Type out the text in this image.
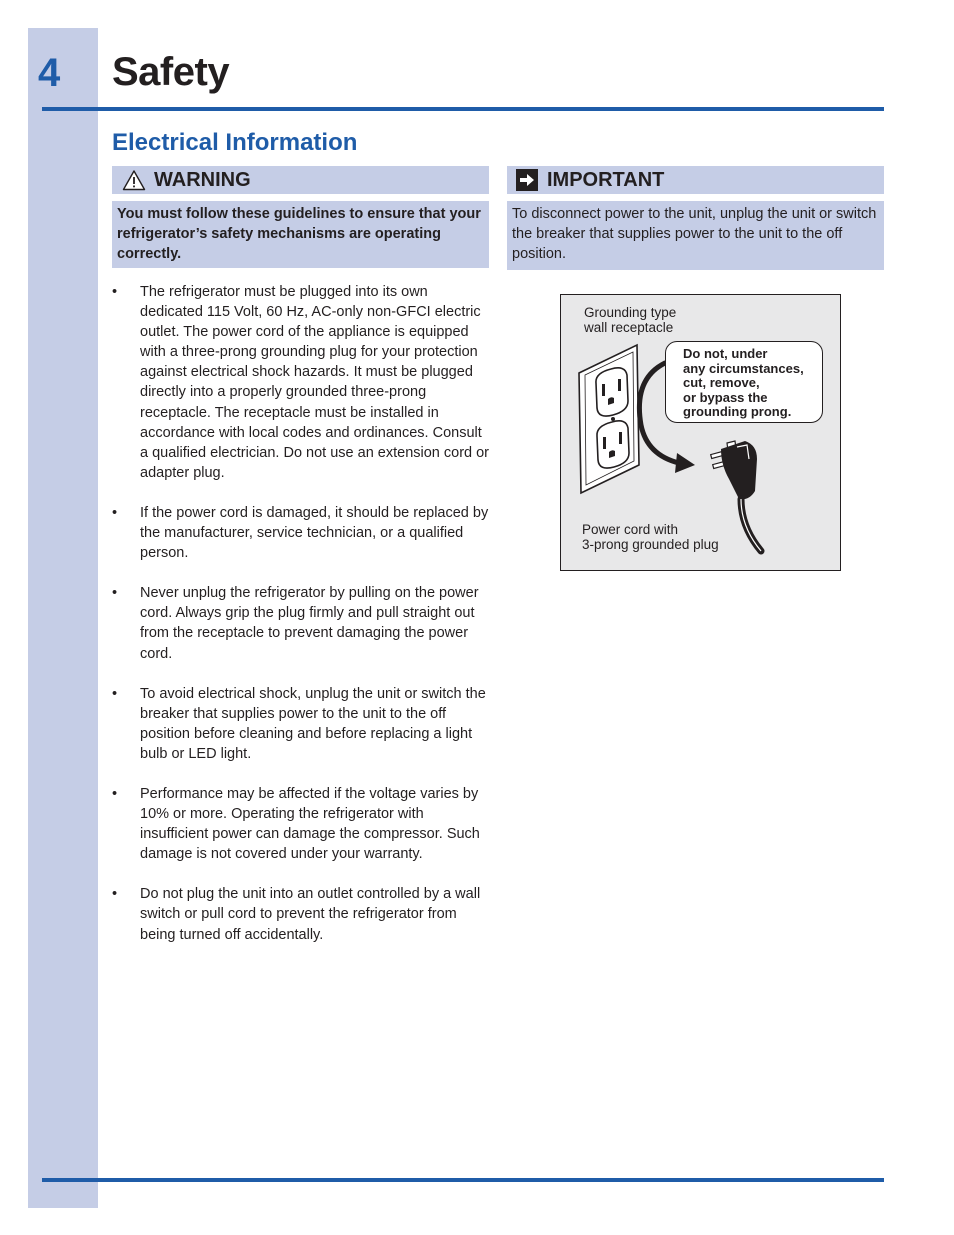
4	Safety
Electrical Information
WARNING
You must follow these guidelines to ensure that your refrigerator’s safety mechanisms are operating correctly.
IMPORTANT
To disconnect power to the unit, unplug the unit or switch the breaker that supplies power to the unit to the off position.
•	The refrigerator must be plugged into its own dedicated 115 Volt, 60 Hz, AC-only non-GFCI electric outlet. The power cord of the appliance is equipped with a three-prong grounding plug for your protection against electrical shock hazards. It must be plugged directly into a properly grounded three-prong receptacle. The receptacle must be installed in accordance with local codes and ordinances. Consult a qualified electrician. Do not use an extension cord or adapter plug.
•	If the power cord is damaged, it should be replaced by the manufacturer, service technician, or a qualified person.
•	Never unplug the refrigerator by pulling on the power cord. Always grip the plug firmly and pull straight out from the receptacle to prevent damaging the power cord.
•	To avoid electrical shock, unplug the unit or switch the breaker that supplies power to the unit to the off position before cleaning and before replacing a light bulb or LED light.
•	Performance may be affected if the voltage varies by 10% or more. Operating the refrigerator with insufficient power can damage the compressor. Such damage is not covered under your warranty.
•	Do not plug the unit into an outlet controlled by a wall switch or pull cord to prevent the refrigerator from being turned off accidentally.
Grounding type
wall receptacle
Do not, under
any circumstances,
cut, remove,
or bypass the
grounding prong.
Power cord with
3-prong grounded plug
